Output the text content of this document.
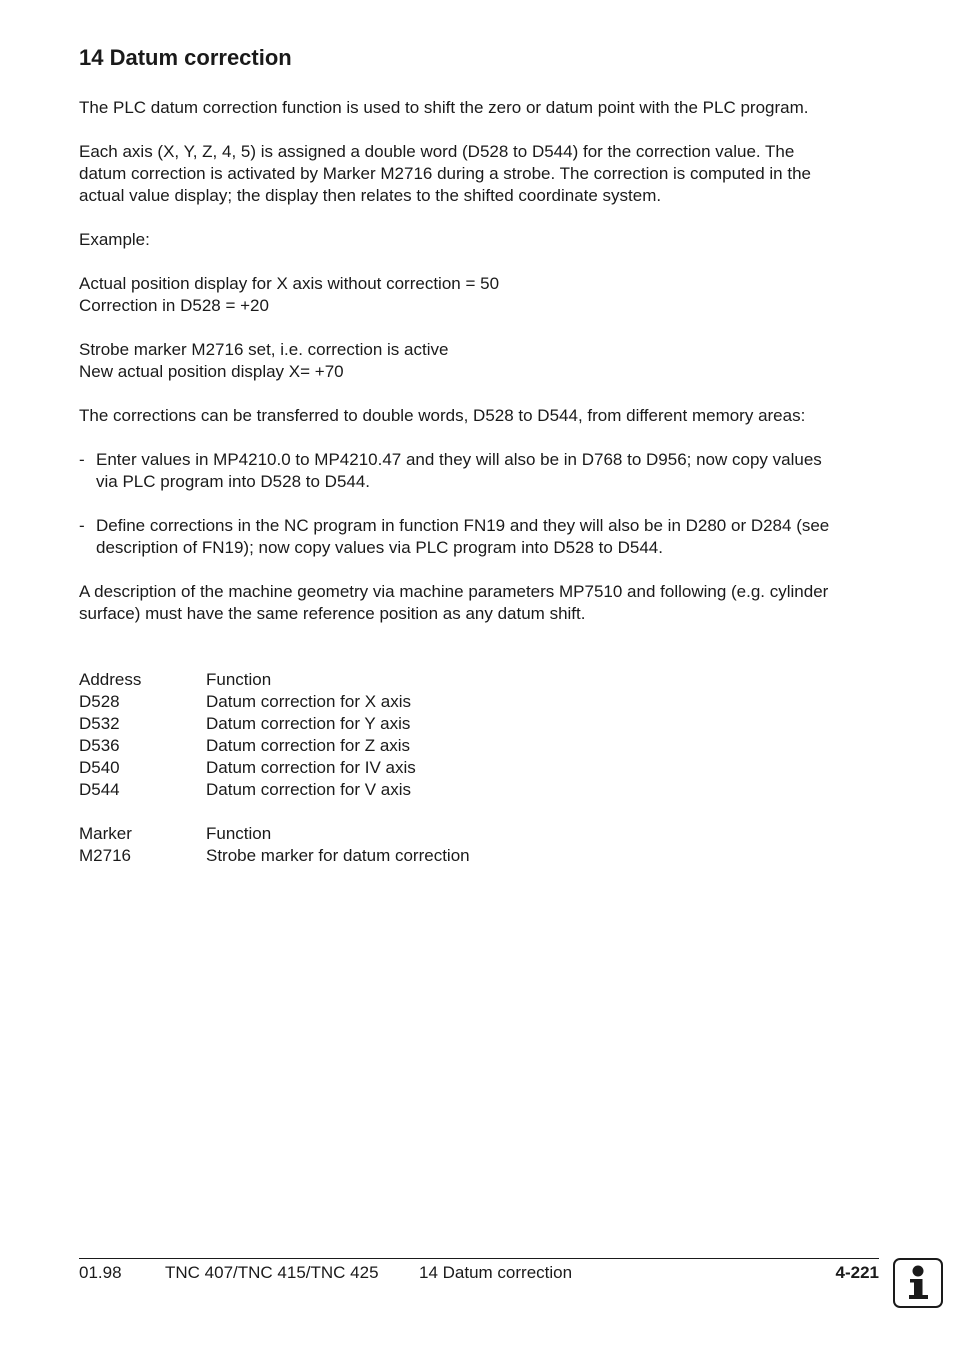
14 Datum correction

The PLC datum correction function is used to shift the zero or datum point with the PLC program.

Each axis (X, Y, Z, 4, 5) is assigned a double word (D528 to D544) for the correction value. The
datum correction is activated by Marker M2716 during a strobe. The correction is computed in the
actual value display; the display then relates to the shifted coordinate system.

Example:

Actual position display for X axis without correction = 50
Correction in D528 = +20

Strobe marker M2716 set, i.e. correction is active
New actual position display X= +70

The corrections can be transferred to double words, D528 to D544, from different memory areas:

- Enter values in MP4210.0 to MP4210.47 and they will also be in D768 to D956; now copy values
via PLC program into D528 to D544.
- Define corrections in the NC program in function FN19 and they will also be in D280 or D284 (see
description of FN19); now copy values via PLC program into D528 to D544.

A description of the machine geometry via machine parameters MP7510 and following (e.g. cylinder
surface) must have the same reference position as any datum shift.

Address	Function
D528	Datum correction for X axis
D532	Datum correction for Y axis
D536	Datum correction for Z axis
D540	Datum correction for IV axis
D544	Datum correction for V axis
Marker	Function
M2716	Strobe marker for datum correction
01.98	TNC 407/TNC 415/TNC 425 14 Datum correction	4-221
